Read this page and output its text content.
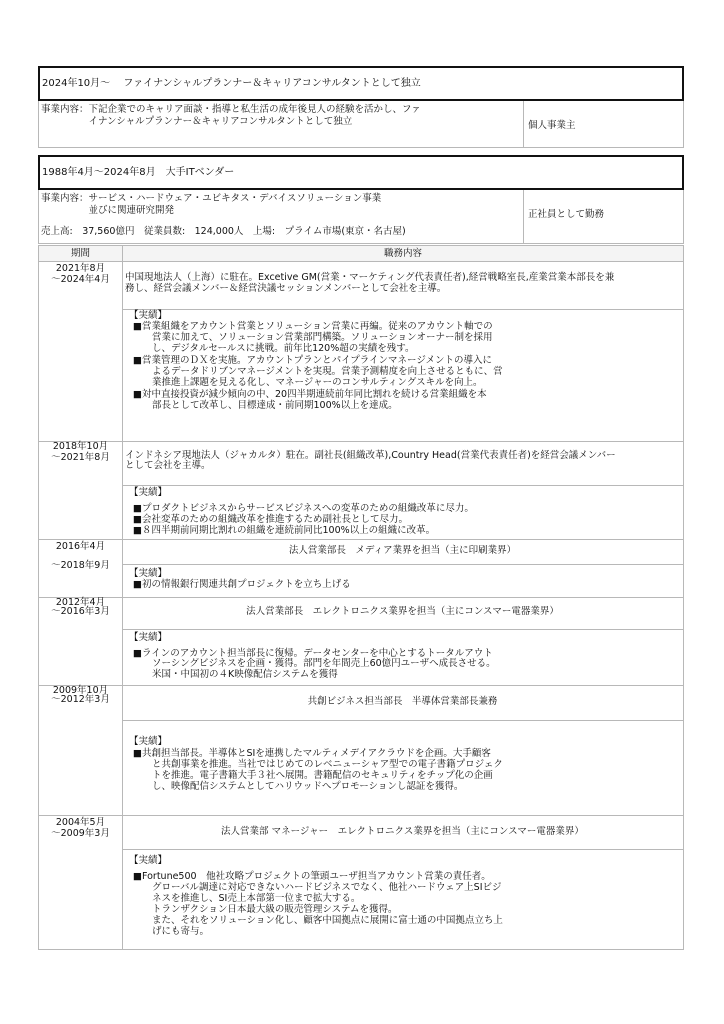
2024年10月～　 ファイナンシャルプランナー＆キャリアコンサルタントとして独立
事業内容：下記企業でのキャリア面談・指導と私生活の成年後見人の経験を活かし、ファ
　　　　　イナンシャルプランナー＆キャリアコンサルタントとして独立	個人事業主
1988年4月～2024年8月　大手ITベンダー
事業内容：サービス・ハードウェア・ユビキタス・デバイスソリューション事業
　　　　　並びに関連研究開発
売上高:　37,560億円　従業員数:　124,000人　上場:　プライム市場(東京・名古屋)
正社員として勤務
期間	職務内容
2021年8月
～2024年4月	中国現地法人（上海）に駐在。Excetive GM(営業・マーケティング代表責任者),経営戦略室長,産業営業本部長を兼
務し、経営会議メンバー＆経営決議セッションメンバーとして会社を主導。
【実績】
■営業組織をアカウント営業とソリューション営業に再編。従来のアカウント軸での
　　営業に加えて、ソリューション営業部門構築。ソリューションオーナー制を採用
　　し、デジタルセールスに挑戦。前年比120%超の実績を残す。
■営業管理のＤＸを実施。アカウントプランとパイプラインマネージメントの導入に
　　よるデータドリブンマネージメントを実現。営業予測精度を向上させるともに、営
　　業推進上課題を見える化し、マネージャーのコンサルティングスキルを向上。
■対中直接投資が減少傾向の中、20四半期連続前年同比割れを続ける営業組織を本
　　部長として改革し、目標達成・前同期100%以上を達成。
2018年10月
～2021年8月	インドネシア現地法人（ジャカルタ）駐在。副社長(組織改革),Country Head(営業代表責任者)を経営会議メンバー
として会社を主導。
【実績】
■プロダクトビジネスからサービスビジネスへの変革のための組織改革に尽力。
■会社変革のための組織改革を推進するため副社長として尽力。
■８四半期前同期比割れの組織を連続前同比100%以上の組織に改革。
2016年4月
～2018年9月
法人営業部長　メディア業界を担当（主に印刷業界）
【実績】
■初の情報銀行関連共創プロジェクトを立ち上げる
2012年4月
～2016年3月	法人営業部長　エレクトロニクス業界を担当（主にコンスマー電器業界）
【実績】
■ラインのアカウント担当部長に復帰。データセンターを中心とするトータルアウト
　　ソーシングビジネスを企画・獲得。部門を年間売上60億円ユーザへ成長させる。
　　米国・中国初の４K映像配信システムを獲得
2009年10月
～2012年3月	共創ビジネス担当部長　半導体営業部長兼務
【実績】
■共創担当部長。半導体とSIを連携したマルティメデイアクラウドを企画。大手顧客
　　と共創事業を推進。当社ではじめてのレベニューシャア型での電子書籍プロジェク
　　トを推進。電子書籍大手３社へ展開。書籍配信のセキュリティをチップ化の企画
　　し、映像配信システムとしてハリウッドへプロモーションし認証を獲得。
2004年5月
～2009年3月	法人営業部 マネージャー　エレクトロニクス業界を担当（主にコンスマー電器業界）
【実績】
■Fortune500　他社攻略プロジェクトの筆頭ユーザ担当アカウント営業の責任者。
　　グローバル調達に対応できないハードビジネスでなく、他社ハードウェア上SIビジ
　　ネスを推進し、SI売上本部第一位まで拡大する。
　　トランザクション日本最大級の販売管理システムを獲得。
　　また、それをソリューション化し、顧客中国拠点に展開に富士通の中国拠点立ち上
　　げにも寄与。
